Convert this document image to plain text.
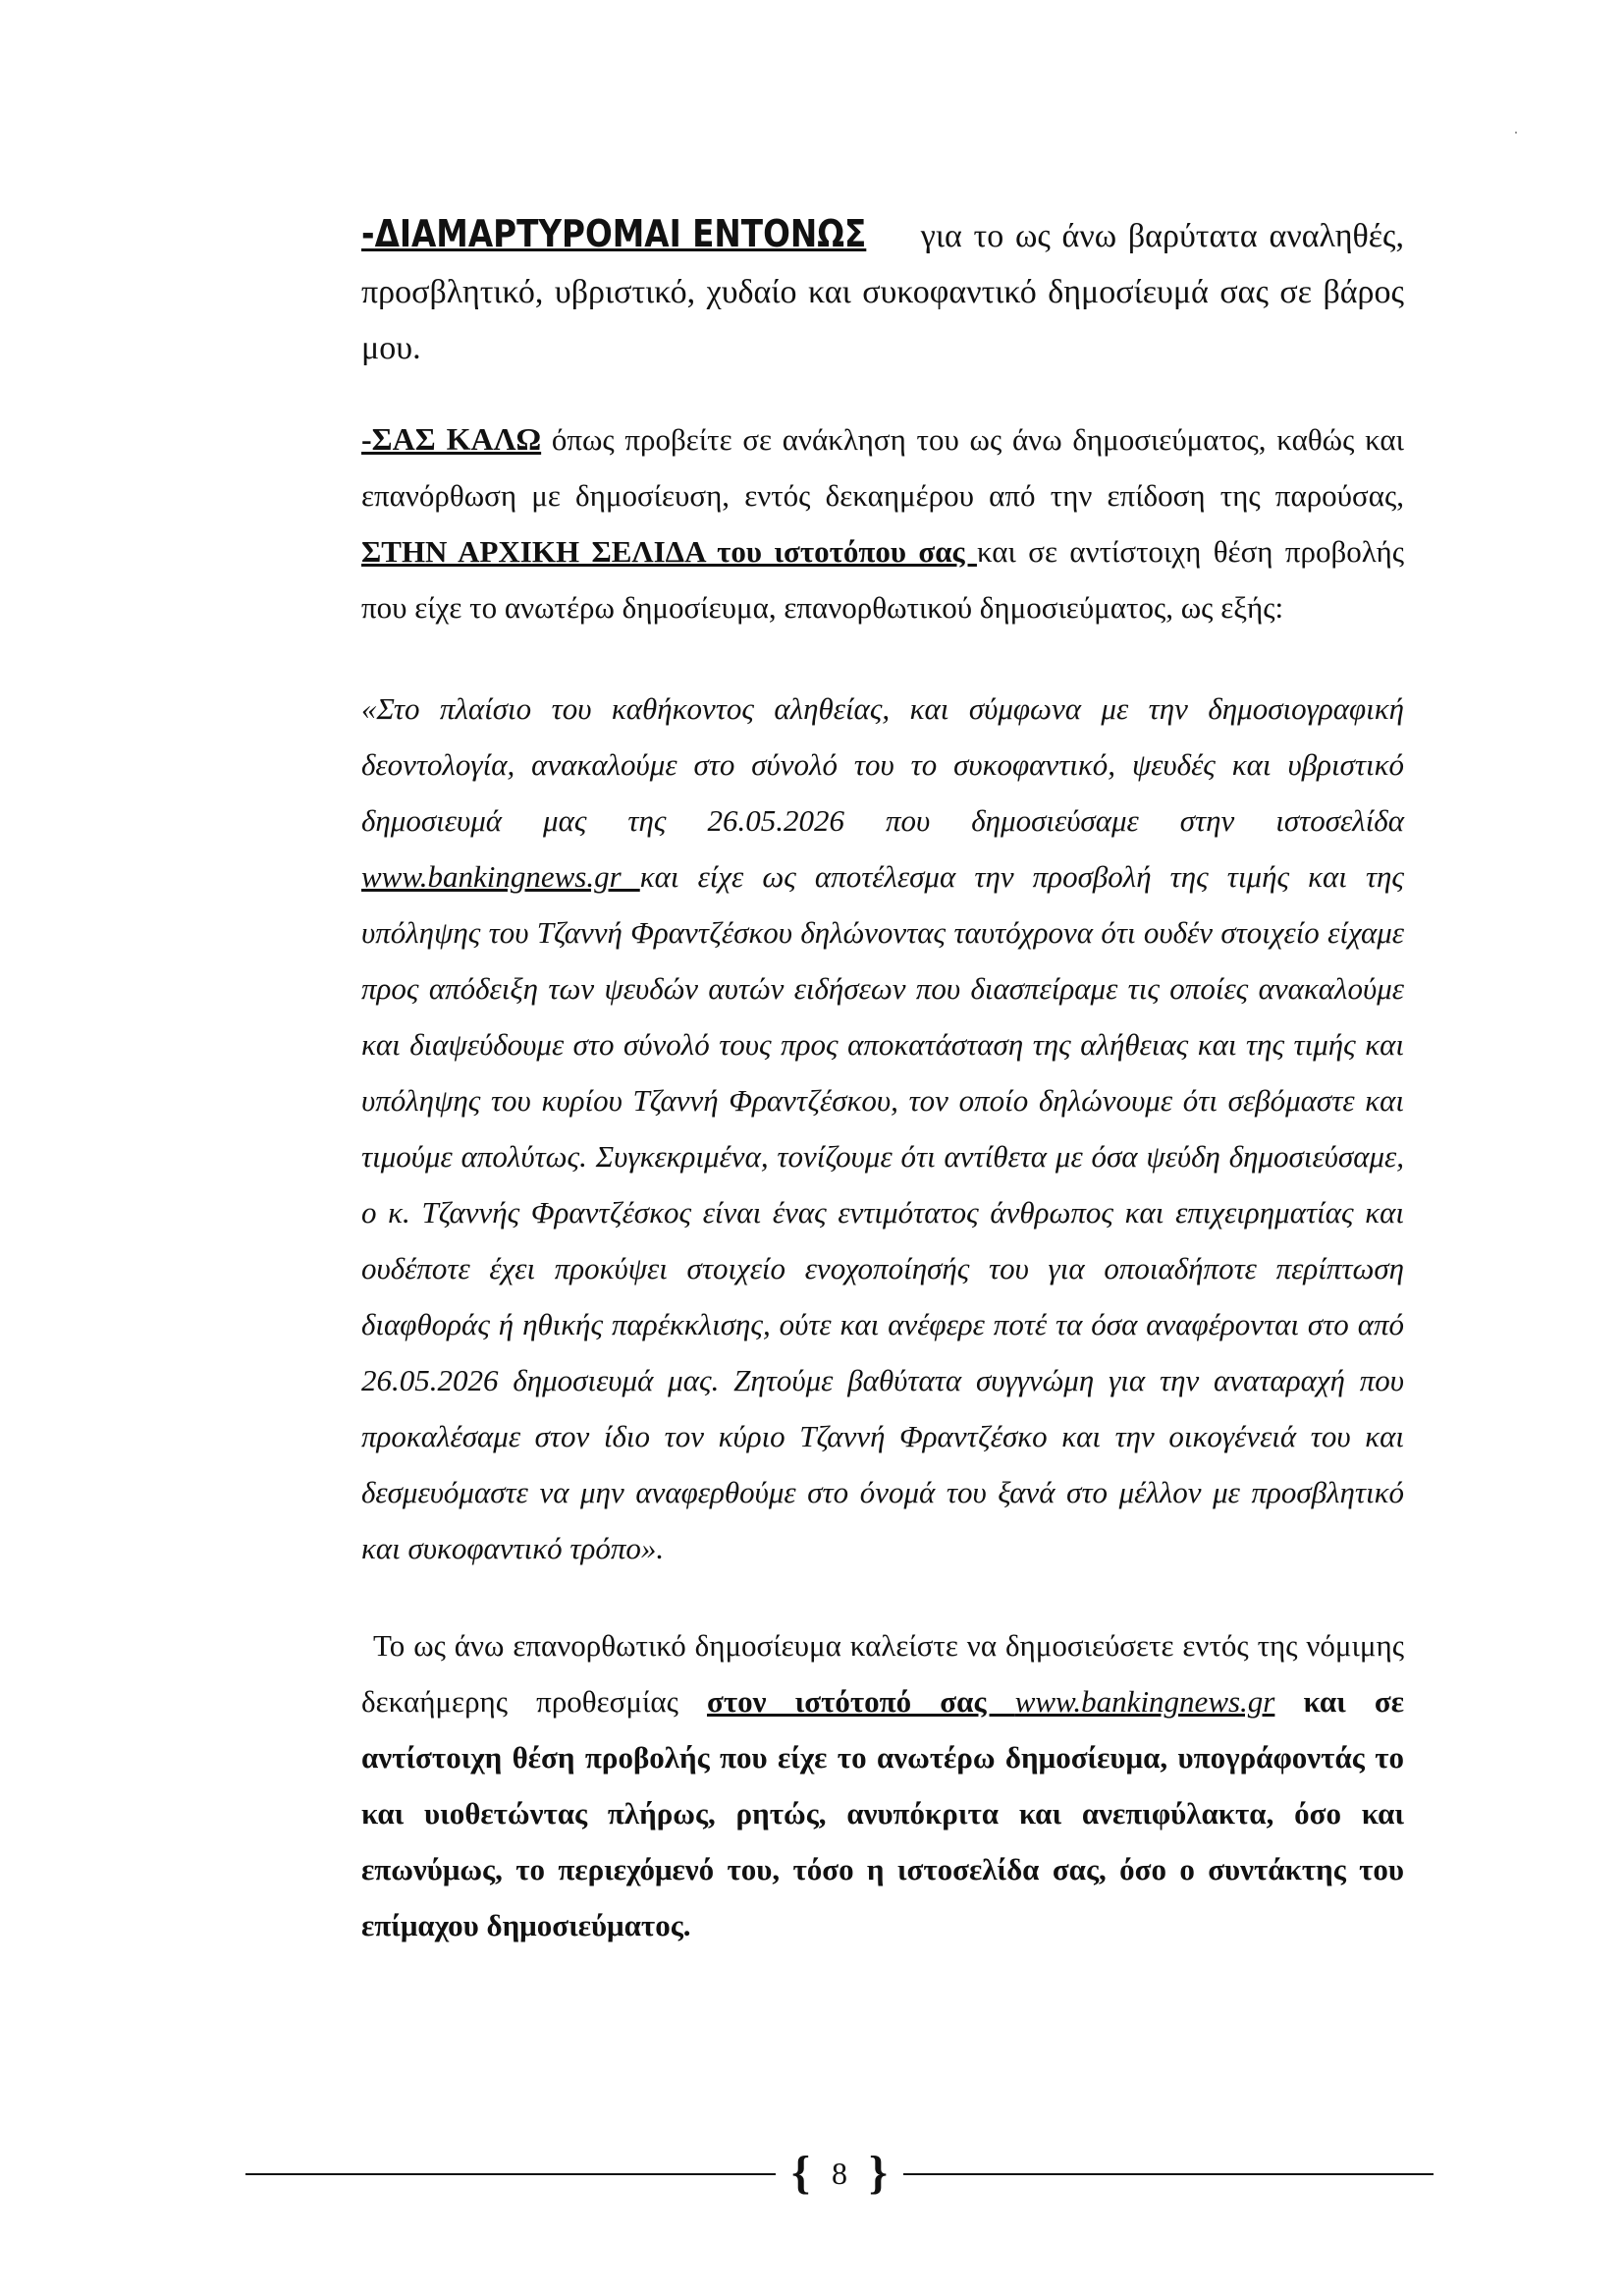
-ΔΙΑΜΑΡΤΥΡΟΜΑΙ ΕΝΤΟΝΩΣ για το ως άνω βαρύτατα αναληθές, προσβλητικό, υβριστικό, χυδαίο και συκοφαντικό δημοσίευμά σας σε βάρος μου.

-ΣΑΣ ΚΑΛΩ όπως προβείτε σε ανάκληση του ως άνω δημοσιεύματος, καθώς και επανόρθωση με δημοσίευση, εντός δεκαημέρου από την επίδοση της παρούσας, ΣΤΗΝ ΑΡΧΙΚΗ ΣΕΛΙΔΑ του ιστοτόπου σας και σε αντίστοιχη θέση προβολής που είχε το ανωτέρω δημοσίευμα, επανορθωτικού δημοσιεύματος, ως εξής:

«Στο πλαίσιο του καθήκοντος αληθείας, και σύμφωνα με την δημοσιογραφική δεοντολογία, ανακαλούμε στο σύνολό του το συκοφαντικό, ψευδές και υβριστικό δημοσιευμά μας της 26.05.2026 που δημοσιεύσαμε στην ιστοσελίδα www.bankingnews.gr και είχε ως αποτέλεσμα την προσβολή της τιμής και της υπόληψης του Τζαννή Φραντζέσκου δηλώνοντας ταυτόχρονα ότι ουδέν στοιχείο είχαμε προς απόδειξη των ψευδών αυτών ειδήσεων που διασπείραμε τις οποίες ανακαλούμε και διαψεύδουμε στο σύνολό τους προς αποκατάσταση της αλήθειας και της τιμής και υπόληψης του κυρίου Τζαννή Φραντζέσκου, τον οποίο δηλώνουμε ότι σεβόμαστε και τιμούμε απολύτως. Συγκεκριμένα, τονίζουμε ότι αντίθετα με όσα ψεύδη δημοσιεύσαμε, ο κ. Τζαννής Φραντζέσκος είναι ένας εντιμότατος άνθρωπος και επιχειρηματίας και ουδέποτε έχει προκύψει στοιχείο ενοχοποίησής του για οποιαδήποτε περίπτωση διαφθοράς ή ηθικής παρέκκλισης, ούτε και ανέφερε ποτέ τα όσα αναφέρονται στο από 26.05.2026 δημοσιευμά μας. Ζητούμε βαθύτατα συγγνώμη για την αναταραχή που προκαλέσαμε στον ίδιο τον κύριο Τζαννή Φραντζέσκο και την οικογένειά του και δεσμευόμαστε να μην αναφερθούμε στο όνομά του ξανά στο μέλλον με προσβλητικό και συκοφαντικό τρόπο».

Το ως άνω επανορθωτικό δημοσίευμα καλείστε να δημοσιεύσετε εντός της νόμιμης δεκαήμερης προθεσμίας στον ιστότοπό σας www.bankingnews.gr και σε αντίστοιχη θέση προβολής που είχε το ανωτέρω δημοσίευμα, υπογράφοντάς το και υιοθετώντας πλήρως, ρητώς, ανυπόκριτα και ανεπιφύλακτα, όσο και επωνύμως, το περιεχόμενό του, τόσο η ιστοσελίδα σας, όσο ο συντάκτης του επίμαχου δημοσιεύματος.

{ 8 }
